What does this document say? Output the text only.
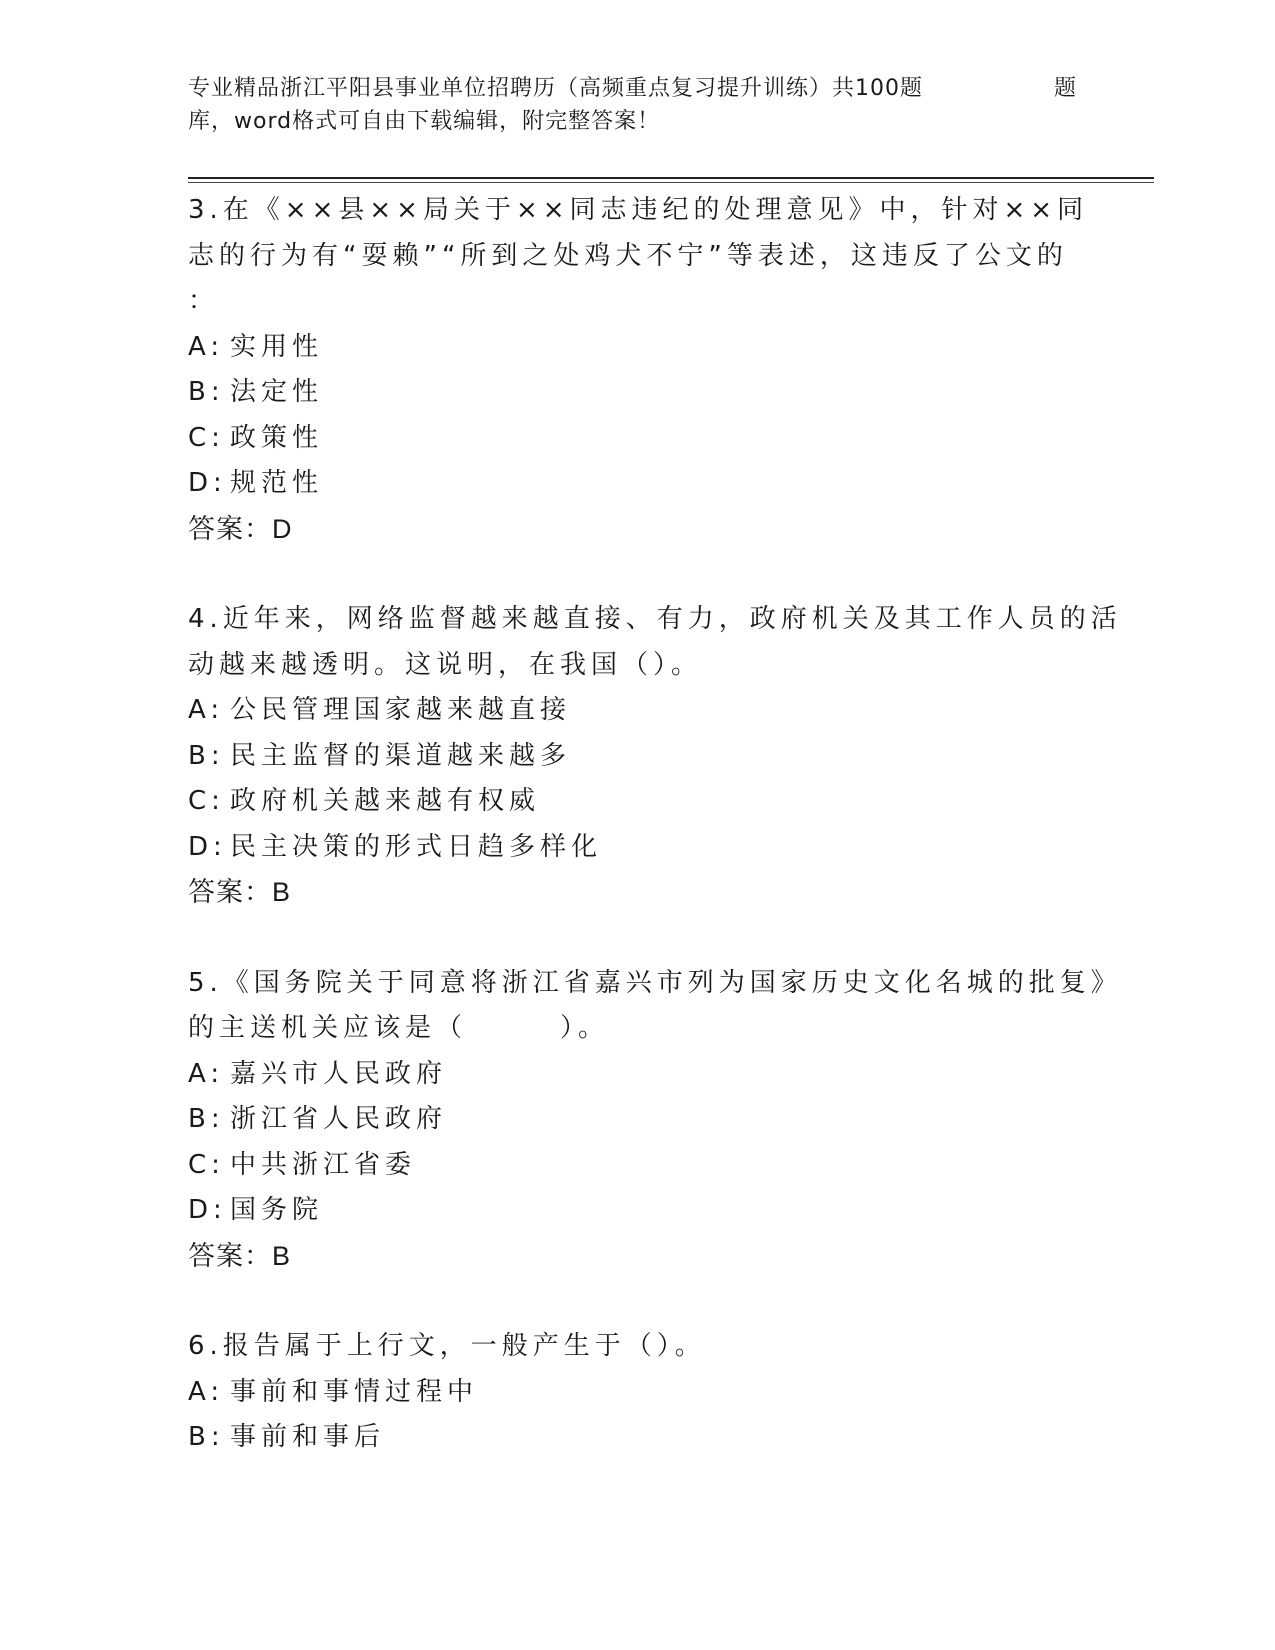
专业精品浙江平阳县事业单位招聘历（高频重点复习提升训练）共100题	题
库，word格式可自由下载编辑，附完整答案！
3.在《××县××局关于××同志违纪的处理意见》中，针对××同
志的行为有“耍赖”“所到之处鸡犬不宁”等表述，这违反了公文的
：
A: 实用性
B: 法定性
C: 政策性
D: 规范性
答案：D
4.近年来，网络监督越来越直接、有力，政府机关及其工作人员的活
动越来越透明。这说明，在我国（）。
A: 公民管理国家越来越直接
B: 民主监督的渠道越来越多
C: 政府机关越来越有权威
D: 民主决策的形式日趋多样化
答案：B
5.《国务院关于同意将浙江省嘉兴市列为国家历史文化名城的批复》
的主送机关应该是（　　　）。
A: 嘉兴市人民政府
B: 浙江省人民政府
C: 中共浙江省委
D: 国务院
答案：B
6.报告属于上行文，一般产生于（）。
A: 事前和事情过程中
B: 事前和事后
